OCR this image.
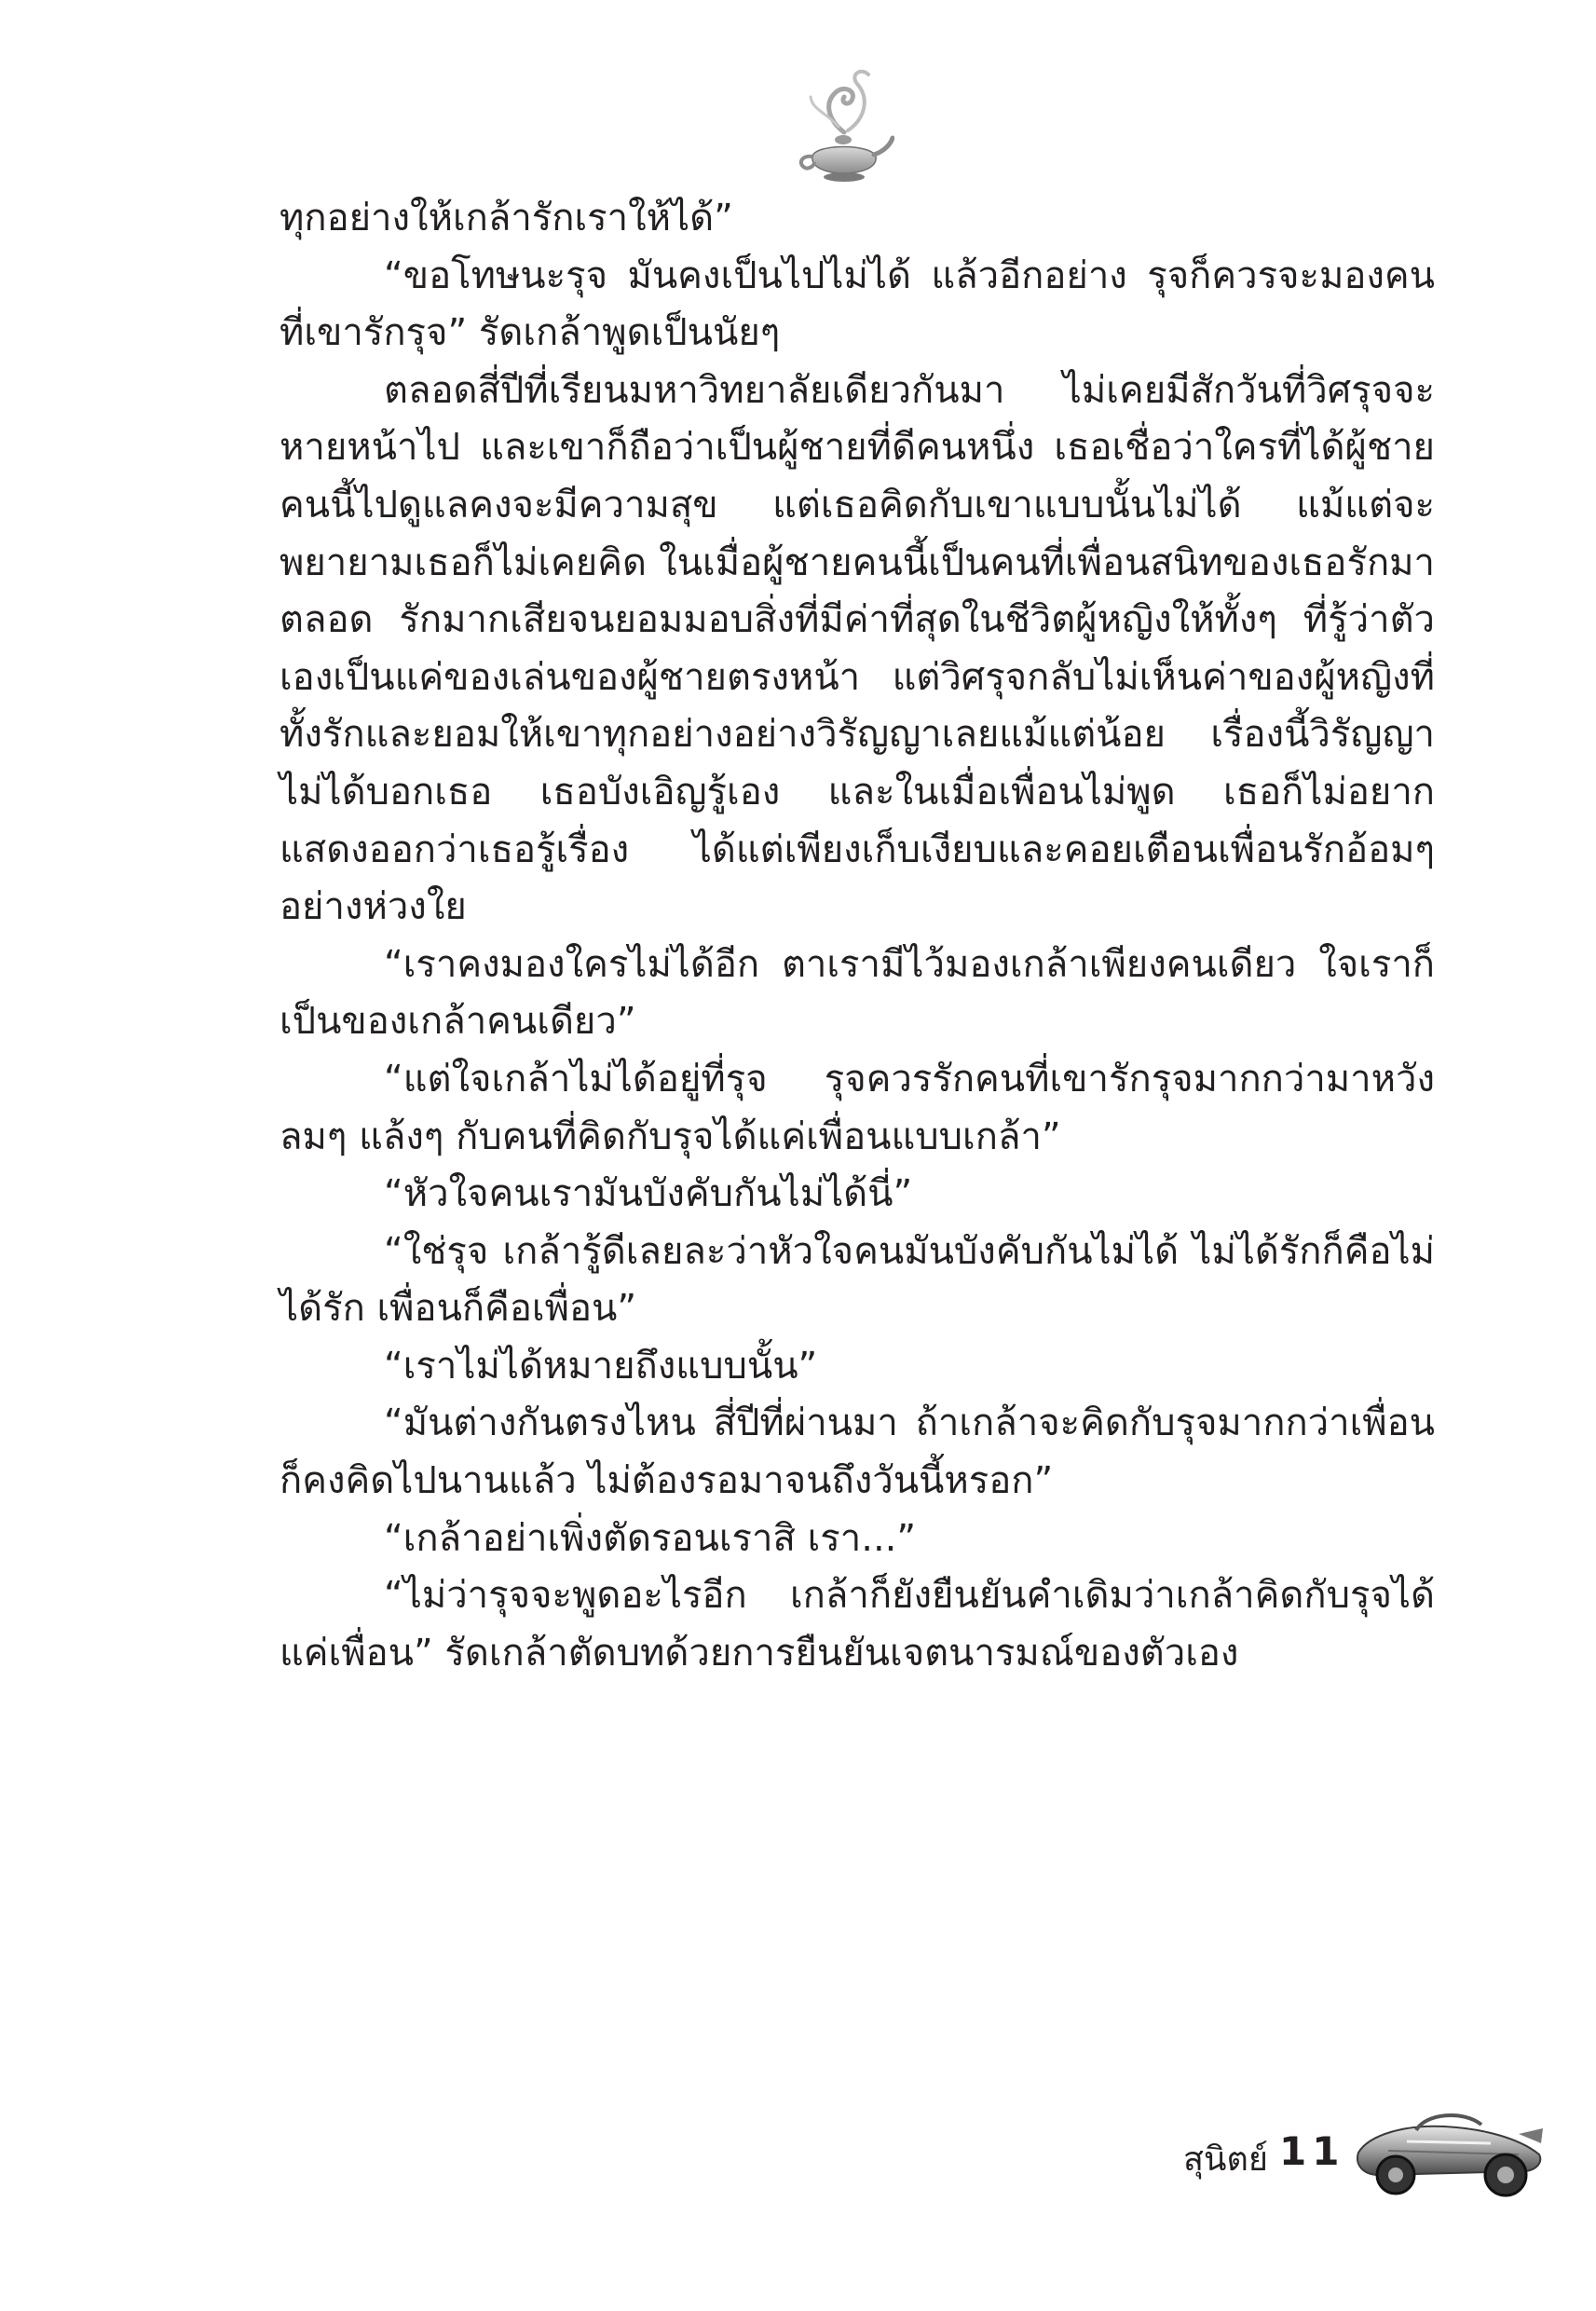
ทุกอย่างให้เกล้ารักเราให้ได้”

“ขอโทษนะรุจ มันคงเป็นไปไม่ได้ แล้วอีกอย่าง รุจก็ควรจะมองคนที่เขารักรุจ” รัดเกล้าพูดเป็นนัยๆ

ตลอดสี่ปีที่เรียนมหาวิทยาลัยเดียวกันมา ไม่เคยมีสักวันที่วิศรุจจะหายหน้าไป และเขาก็ถือว่าเป็นผู้ชายที่ดีคนหนึ่ง เธอเชื่อว่าใครที่ได้ผู้ชายคนนี้ไปดูแลคงจะมีความสุข แต่เธอคิดกับเขาแบบนั้นไม่ได้ แม้แต่จะพยายามเธอก็ไม่เคยคิด ในเมื่อผู้ชายคนนี้เป็นคนที่เพื่อนสนิทของเธอรักมาตลอด รักมากเสียจนยอมมอบสิ่งที่มีค่าที่สุดในชีวิตผู้หญิงให้ทั้งๆ ที่รู้ว่าตัวเองเป็นแค่ของเล่นของผู้ชายตรงหน้า แต่วิศรุจกลับไม่เห็นค่าของผู้หญิงที่ทั้งรักและยอมให้เขาทุกอย่างอย่างวิรัญญาเลยแม้แต่น้อย เรื่องนี้วิรัญญาไม่ได้บอกเธอ เธอบังเอิญรู้เอง และในเมื่อเพื่อนไม่พูด เธอก็ไม่อยากแสดงออกว่าเธอรู้เรื่อง ได้แต่เพียงเก็บเงียบและคอยเตือนเพื่อนรักอ้อมๆ อย่างห่วงใย

“เราคงมองใครไม่ได้อีก ตาเรามีไว้มองเกล้าเพียงคนเดียว ใจเราก็เป็นของเกล้าคนเดียว”

“แต่ใจเกล้าไม่ได้อยู่ที่รุจ รุจควรรักคนที่เขารักรุจมากกว่ามาหวังลมๆ แล้งๆ กับคนที่คิดกับรุจได้แค่เพื่อนแบบเกล้า”

“หัวใจคนเรามันบังคับกันไม่ได้นี่”

“ใช่รุจ เกล้ารู้ดีเลยละว่าหัวใจคนมันบังคับกันไม่ได้ ไม่ได้รักก็คือไม่ได้รัก เพื่อนก็คือเพื่อน”

“เราไม่ได้หมายถึงแบบนั้น”

“มันต่างกันตรงไหน สี่ปีที่ผ่านมา ถ้าเกล้าจะคิดกับรุจมากกว่าเพื่อนก็คงคิดไปนานแล้ว ไม่ต้องรอมาจนถึงวันนี้หรอก”

“เกล้าอย่าเพิ่งตัดรอนเราสิ เรา...”

“ไม่ว่ารุจจะพูดอะไรอีก เกล้าก็ยังยืนยันคำเดิมว่าเกล้าคิดกับรุจได้แค่เพื่อน” รัดเกล้าตัดบทด้วยการยืนยันเจตนารมณ์ของตัวเอง

สุนิตย์ 11
